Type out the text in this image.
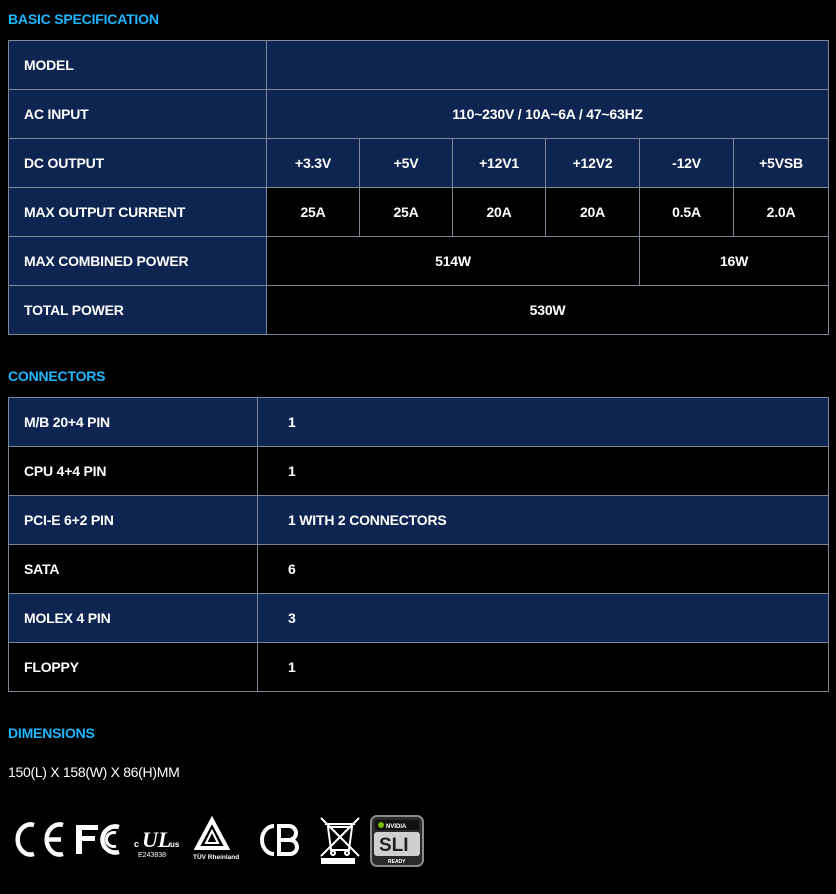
BASIC SPECIFICATION
MODEL						
AC INPUT	110~230V / 10A~6A / 47~63HZ					
DC OUTPUT	+3.3V	+5V	+12V1	+12V2	-12V	+5VSB
MAX OUTPUT CURRENT	25A	25A	20A	20A	0.5A	2.0A
MAX COMBINED POWER	514W				16W	
TOTAL POWER	530W					
CONNECTORS
M/B 20+4 PIN	1
CPU 4+4 PIN	1
PCI-E 6+2 PIN	1 WITH 2 CONNECTORS
SATA	6
MOLEX 4 PIN	3
FLOPPY	1
DIMENSIONS
150(L) X 158(W) X 86(H)MM
c UL
us
E243838	TÜV Rheinland
NVIDIA
SLI
READY
